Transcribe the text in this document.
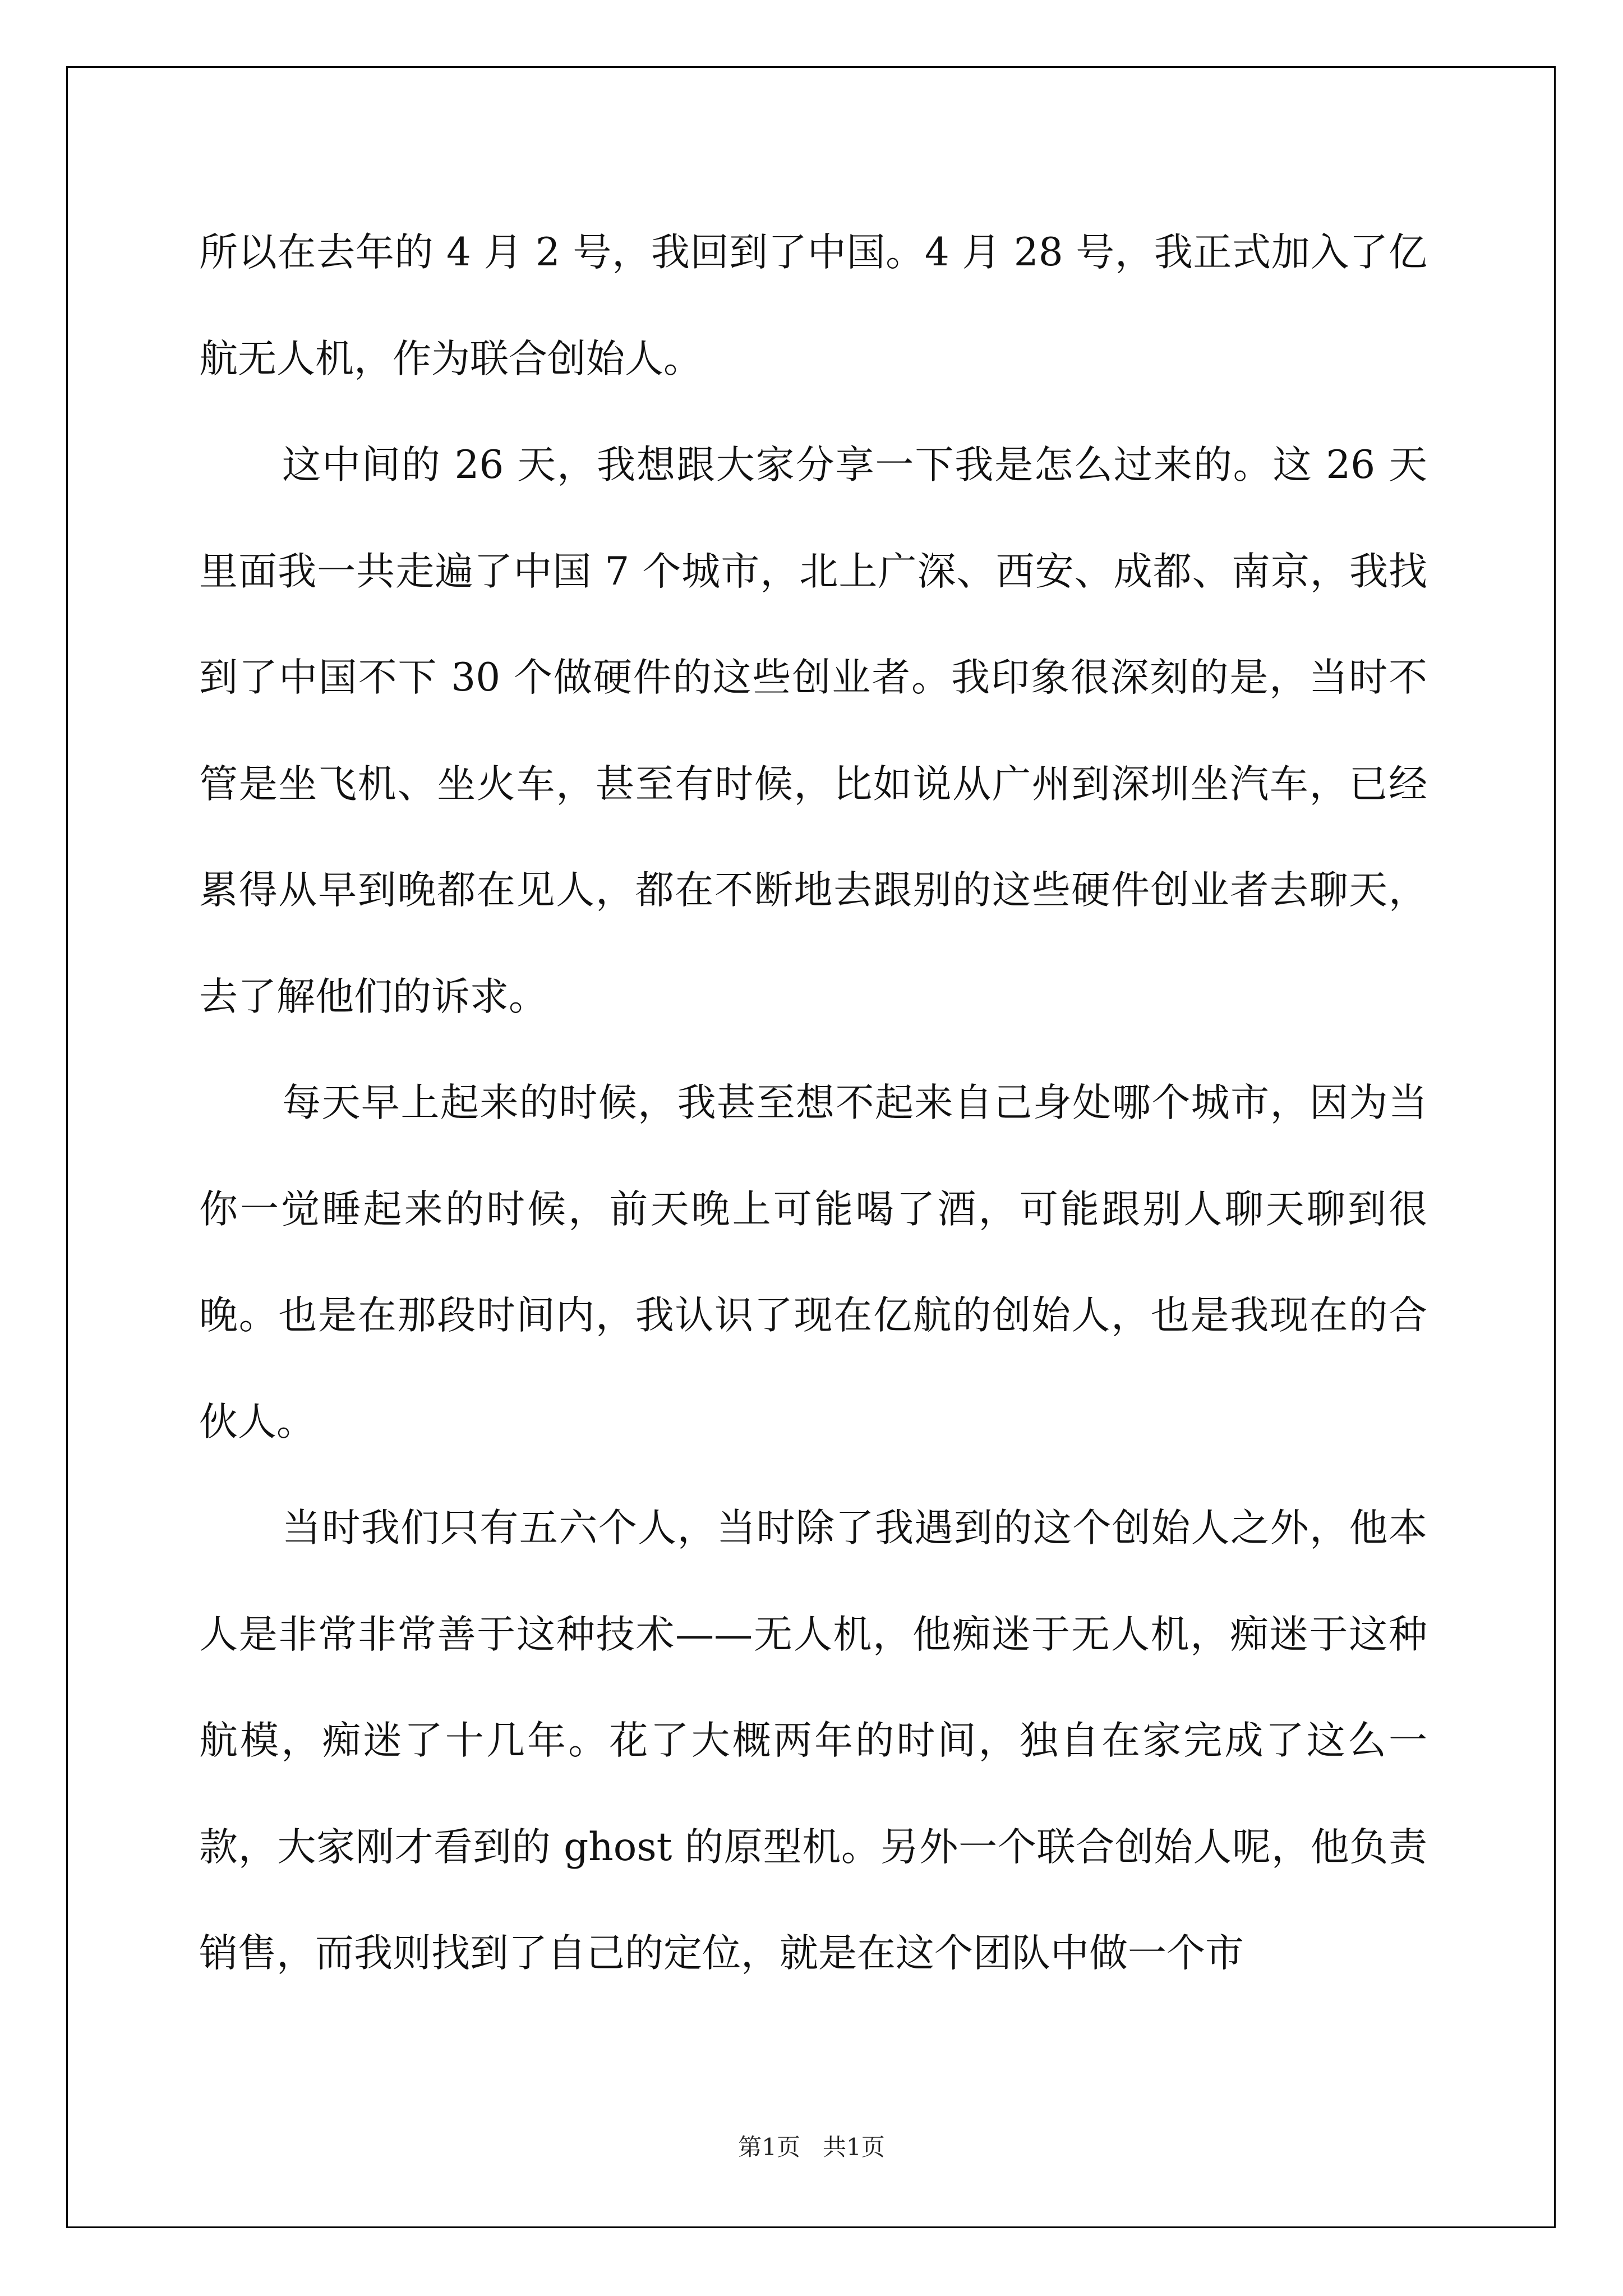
所以在去年的 4 月 2 号，我回到了中国。4 月 28 号，我正式加入了亿航无人机，作为联合创始人。

这中间的 26 天，我想跟大家分享一下我是怎么过来的。这 26 天里面我一共走遍了中国 7 个城市，北上广深、西安、成都、南京，我找到了中国不下 30 个做硬件的这些创业者。我印象很深刻的是，当时不管是坐飞机、坐火车，甚至有时候，比如说从广州到深圳坐汽车，已经累得从早到晚都在见人，都在不断地去跟别的这些硬件创业者去聊天，去了解他们的诉求。

每天早上起来的时候，我甚至想不起来自己身处哪个城市，因为当你一觉睡起来的时候，前天晚上可能喝了酒，可能跟别人聊天聊到很晚。也是在那段时间内，我认识了现在亿航的创始人，也是我现在的合伙人。

当时我们只有五六个人，当时除了我遇到的这个创始人之外，他本人是非常非常善于这种技术——无人机，他痴迷于无人机，痴迷于这种航模，痴迷了十几年。花了大概两年的时间，独自在家完成了这么一款，大家刚才看到的 ghost 的原型机。另外一个联合创始人呢，他负责销售，而我则找到了自己的定位，就是在这个团队中做一个市

第1页   共1页
